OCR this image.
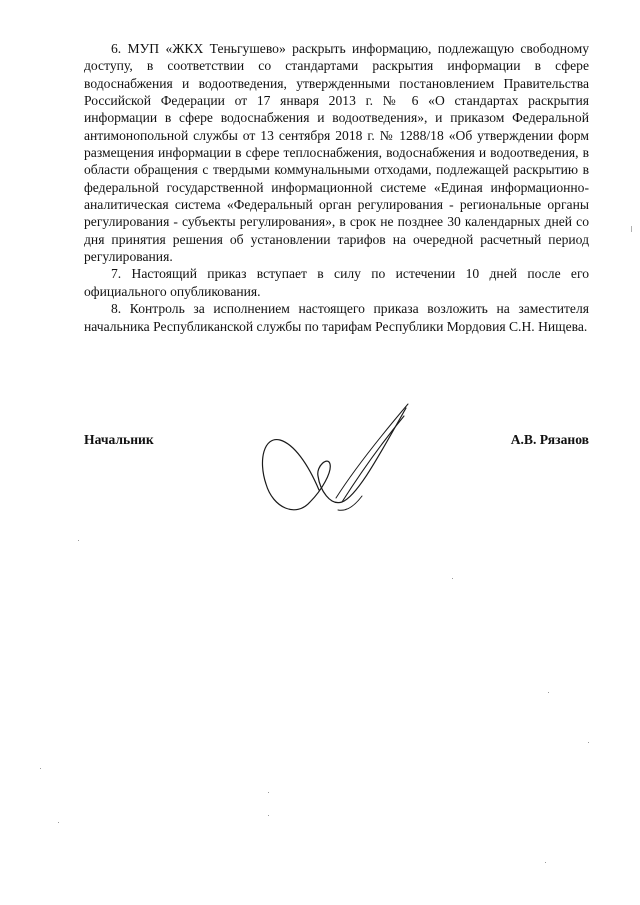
6. МУП «ЖКХ Теньгушево» раскрыть информацию, подлежащую свободному доступу, в соответствии со стандартами раскрытия информации в сфере водоснабжения и водоотведения, утвержденными постановлением Правительства Российской Федерации от 17 января 2013 г. № 6 «О стандартах раскрытия информации в сфере водоснабжения и водоотведения», и приказом Федеральной антимонопольной службы от 13 сентября 2018 г. № 1288/18 «Об утверждении форм размещения информации в сфере теплоснабжения, водоснабжения и водоотведения, в области обращения с твердыми коммунальными отходами, подлежащей раскрытию в федеральной государственной информационной системе «Единая информационно-аналитическая система «Федеральный орган регулирования - региональные органы регулирования - субъекты регулирования», в срок не позднее 30 календарных дней со дня принятия решения об установлении тарифов на очередной расчетный период регулирования.

7. Настоящий приказ вступает в силу по истечении 10 дней после его официального опубликования.

8. Контроль за исполнением настоящего приказа возложить на заместителя начальника Республиканской службы по тарифам Республики Мордовия С.Н. Нищева.

Начальник	А.В. Рязанов
